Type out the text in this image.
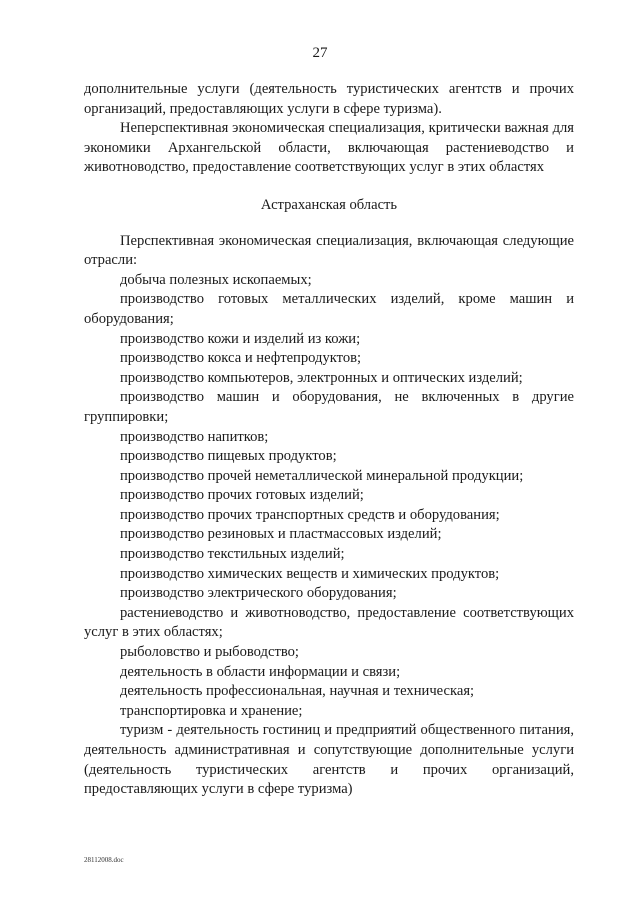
27

дополнительные услуги (деятельность туристических агентств и прочих организаций, предоставляющих услуги в сфере туризма).

Неперспективная экономическая специализация, критически важная для экономики Архангельской области, включающая растениеводство и животноводство, предоставление соответствующих услуг в этих областях

Астраханская область

Перспективная экономическая специализация, включающая следующие отрасли:

добыча полезных ископаемых;

производство готовых металлических изделий, кроме машин и оборудования;

производство кожи и изделий из кожи;

производство кокса и нефтепродуктов;

производство компьютеров, электронных и оптических изделий;

производство машин и оборудования, не включенных в другие группировки;

производство напитков;

производство пищевых продуктов;

производство прочей неметаллической минеральной продукции;

производство прочих готовых изделий;

производство прочих транспортных средств и оборудования;

производство резиновых и пластмассовых изделий;

производство текстильных изделий;

производство химических веществ и химических продуктов;

производство электрического оборудования;

растениеводство и животноводство, предоставление соответствующих услуг в этих областях;

рыболовство и рыбоводство;

деятельность в области информации и связи;

деятельность профессиональная, научная и техническая;

транспортировка и хранение;

туризм - деятельность гостиниц и предприятий общественного питания, деятельность административная и сопутствующие дополнительные услуги (деятельность туристических агентств и прочих организаций, предоставляющих услуги в сфере туризма)

28112008.doc
